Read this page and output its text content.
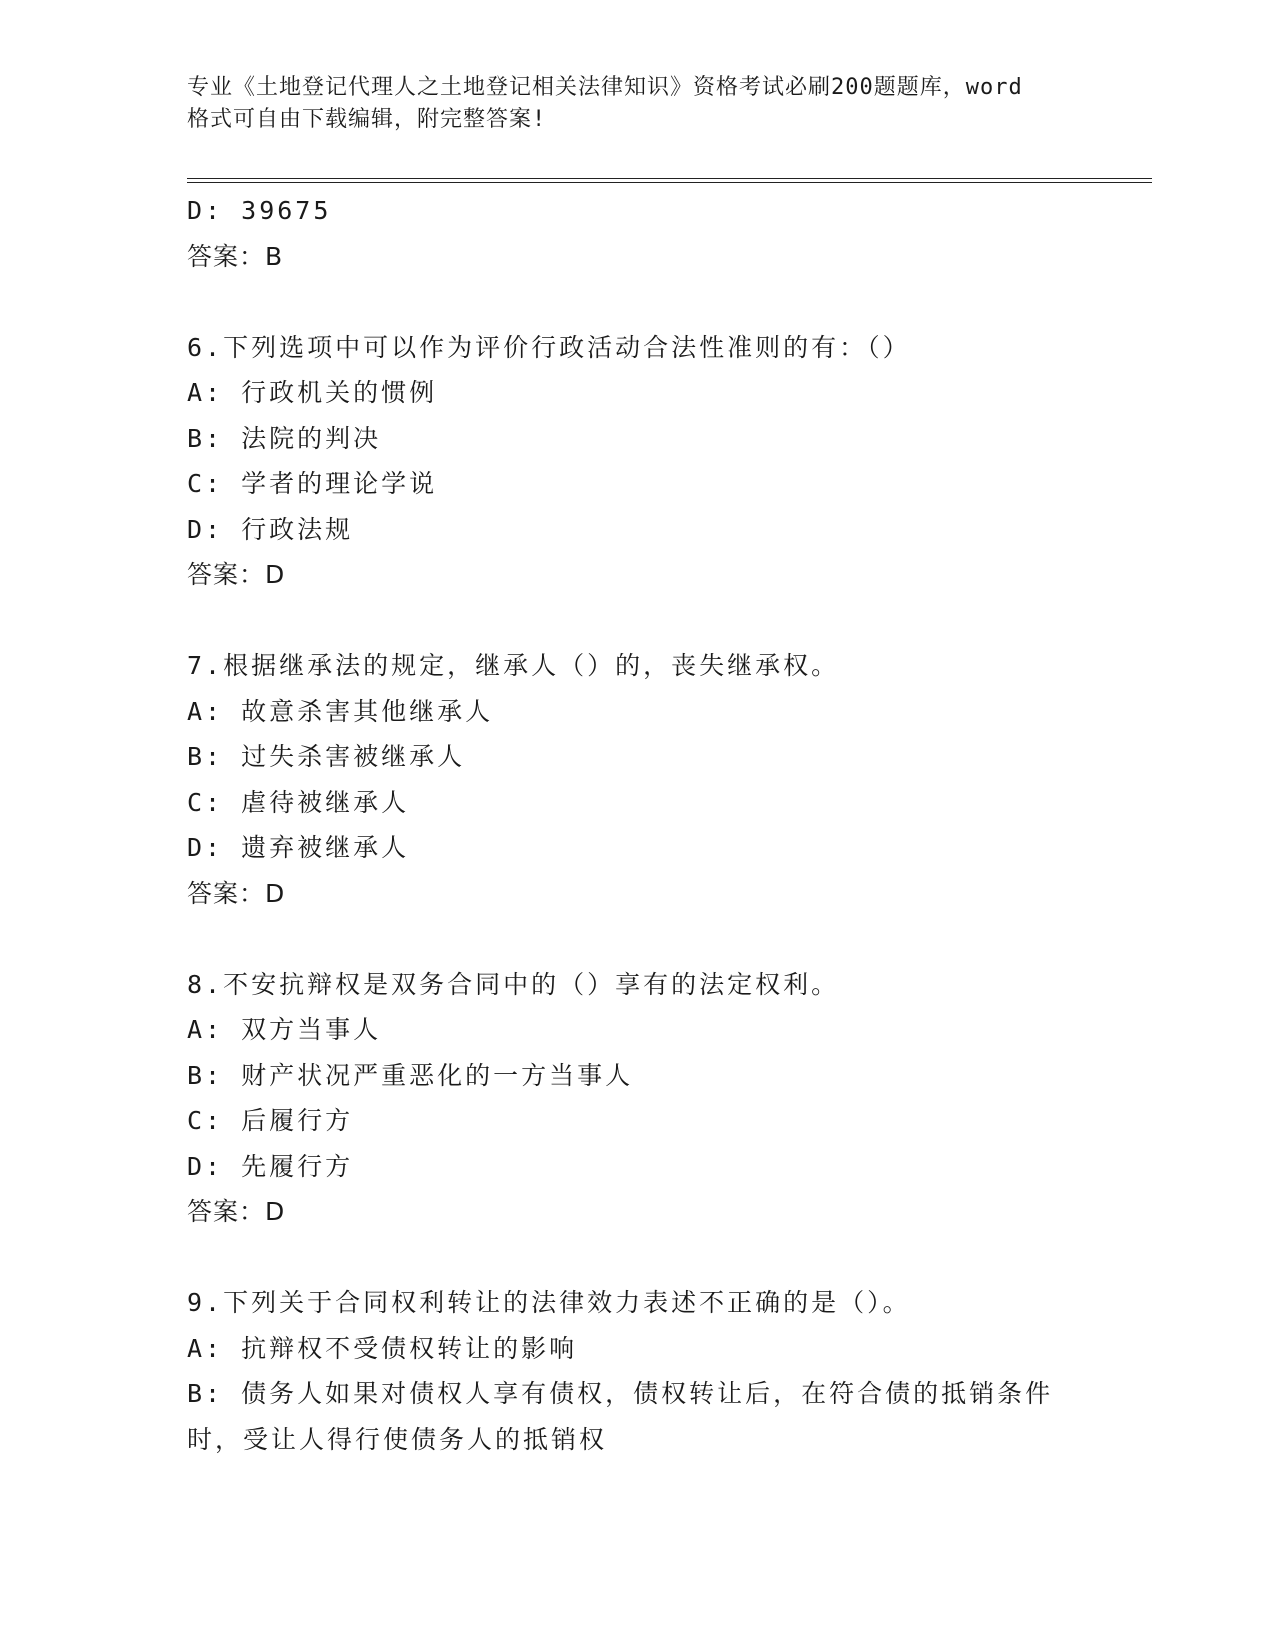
专业《土地登记代理人之土地登记相关法律知识》资格考试必刷200题题库，word
格式可自由下载编辑，附完整答案!
D: 39675
答案：B
6.下列选项中可以作为评价行政活动合法性准则的有：（）
A: 行政机关的惯例
B: 法院的判决
C: 学者的理论学说
D: 行政法规
答案：D
7.根据继承法的规定，继承人（）的，丧失继承权。
A: 故意杀害其他继承人
B: 过失杀害被继承人
C: 虐待被继承人
D: 遗弃被继承人
答案：D
8.不安抗辩权是双务合同中的（）享有的法定权利。
A: 双方当事人
B: 财产状况严重恶化的一方当事人
C: 后履行方
D: 先履行方
答案：D
9.下列关于合同权利转让的法律效力表述不正确的是（）。
A: 抗辩权不受债权转让的影响
B: 债务人如果对债权人享有债权，债权转让后，在符合债的抵销条件
时，受让人得行使债务人的抵销权
